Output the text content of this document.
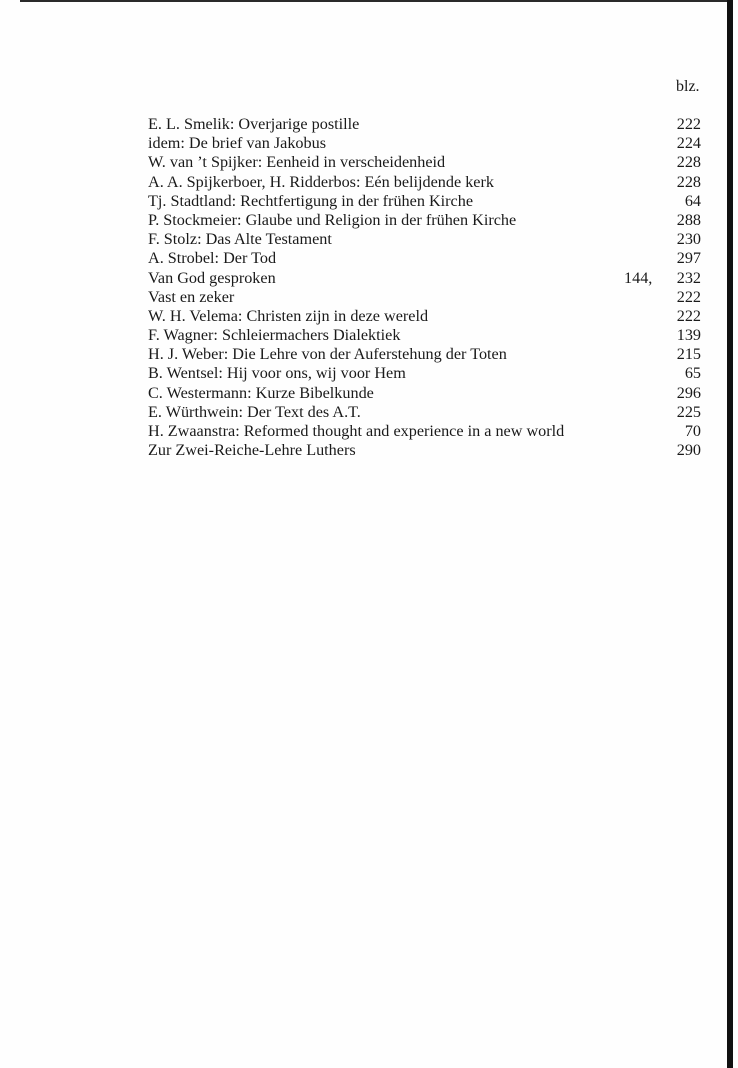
blz.
E. L. Smelik: Overjarige postille	222
idem: De brief van Jakobus	224
W. van ’t Spijker: Eenheid in verscheidenheid	228
A. A. Spijkerboer, H. Ridderbos: Eén belijdende kerk	228
Tj. Stadtland: Rechtfertigung in der frühen Kirche	64
P. Stockmeier: Glaube und Religion in der frühen Kirche	288
F. Stolz: Das Alte Testament	230
A. Strobel: Der Tod	297
Van God gesproken	144, 232
Vast en zeker	222
W. H. Velema: Christen zijn in deze wereld	222
F. Wagner: Schleiermachers Dialektiek	139
H. J. Weber: Die Lehre von der Auferstehung der Toten	215
B. Wentsel: Hij voor ons, wij voor Hem	65
C. Westermann: Kurze Bibelkunde	296
E. Würthwein: Der Text des A.T.	225
H. Zwaanstra: Reformed thought and experience in a new world	70
Zur Zwei-Reiche-Lehre Luthers	290
